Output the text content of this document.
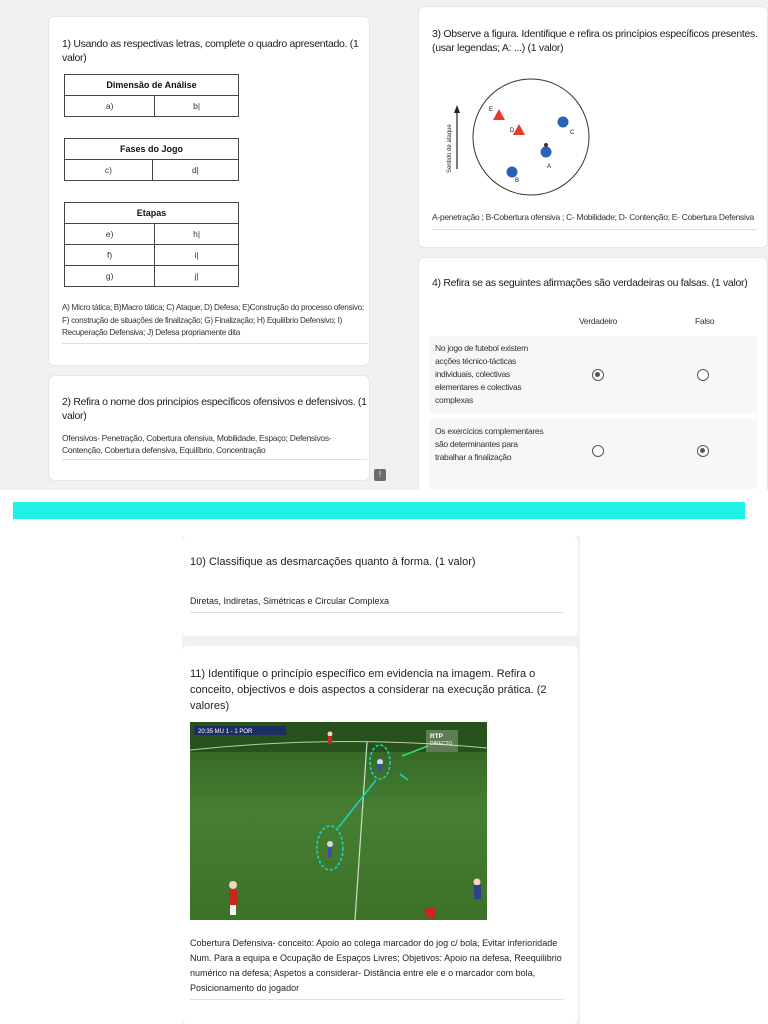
1) Usando as respectivas letras, complete o quadro apresentado. (1 valor)
Dimensão de Análise
a)	b|
Fases do Jogo
c)	d|
Etapas	
e)	h|
f)	i|
g)	j|
A) Micro tática; B)Macro tática; C) Ataque; D) Defesa; E)Construção do processo ofensivo; F) construção de situações de finalização; G) Finalização; H) Equilíbrio Defensivo; I) Recuperação Defensiva; J) Defesa propriamente dita
2) Refira o nome dos princípios específicos ofensivos e defensivos. (1 valor)
Ofensivos- Penetração, Cobertura ofensiva, Mobilidade, Espaço; Defensivos- Contenção, Cobertura defensiva, Equilíbrio, Concentração
!
3) Observe a figura. Identifique e refira os princípios específicos presentes. (usar legendas; A: ...) (1 valor)
Sentido de ataque
E
D	C
A
B
A-penetração ; B-Cobertura ofensiva ; C- Mobilidade; D- Contenção; E- Cobertura Defensiva
4) Refira se as seguintes afirmações são verdadeiras ou falsas. (1 valor)
Verdadeiro	Falso
No jogo de futebol existem acções técnico-tácticas individuais, colectivas elementares e colectivas complexas
Os exercícios complementares são determinantes para trabalhar a finalização
10) Classifique as desmarcações quanto à forma. (1 valor)
Diretas, Indiretas, Simétricas e Circular Complexa
11) Identifique o princípio específico em evidencia na imagem. Refira o conceito, objectivos e dois aspectos a considerar na execução prática. (2 valores)
20:35 MU 1 - 1 POR
RTP
DIRECTO
Cobertura Defensiva- conceito: Apoio ao colega marcador do jog c/ bola, Evitar inferioridade Num. Para a equipa e Ocupação de Espaços Livres; Objetivos: Apoio na defesa, Reequilibrio numérico na defesa; Aspetos a considerar- Distância entre ele e o marcador com bola, Posicionamento do jogador
